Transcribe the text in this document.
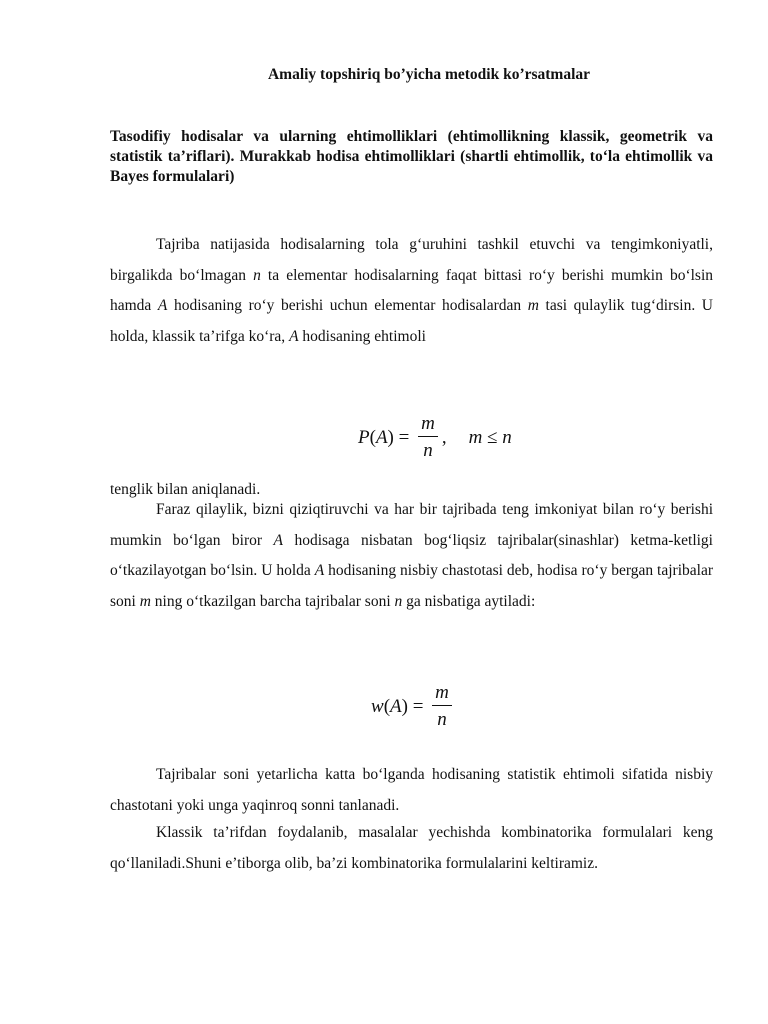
Amaliy topshiriq bo’yicha metodik ko’rsatmalar
Tasodifiy hodisalar va ularning ehtimolliklari (ehtimollikning klassik, geometrik va statistik ta’riflari). Murakkab hodisa ehtimolliklari (shartli ehtimollik, to‘la ehtimollik va Bayes formulalari)

Tajriba natijasida hodisalarning tola g‘uruhini tashkil etuvchi va tengimkoniyatli, birgalikda bo‘lmagan n ta elementar hodisalarning faqat bittasi ro‘y berishi mumkin bo‘lsin hamda A hodisaning ro‘y berishi uchun elementar hodisalardan m tasi qulaylik tug‘dirsin. U holda, klassik ta’rifga ko‘ra, A hodisaning ehtimoli

P ( A ) = $\frac{m}{n}$ , m ≤ n

tenglik bilan aniqlanadi.

Faraz qilaylik, bizni qiziqtiruvchi va har bir tajribada teng imkoniyat bilan ro‘y berishi mumkin bo‘lgan biror A hodisaga nisbatan bog‘liqsiz tajribalar(sinashlar) ketma-ketligi o‘tkazilayotgan bo‘lsin. U holda A hodisaning nisbiy chastotasi deb, hodisa ro‘y bergan tajribalar soni m ning o‘tkazilgan barcha tajribalar soni n ga nisbatiga aytiladi:

w ( A ) = $\frac{m}{n}$

Tajribalar soni yetarlicha katta bo‘lganda hodisaning statistik ehtimoli sifatida nisbiy chastotani yoki unga yaqinroq sonni tanlanadi.

Klassik ta’rifdan foydalanib, masalalar yechishda kombinatorika formulalari keng qo‘llaniladi.Shuni e’tiborga olib, ba’zi kombinatorika formulalarini keltiramiz.
